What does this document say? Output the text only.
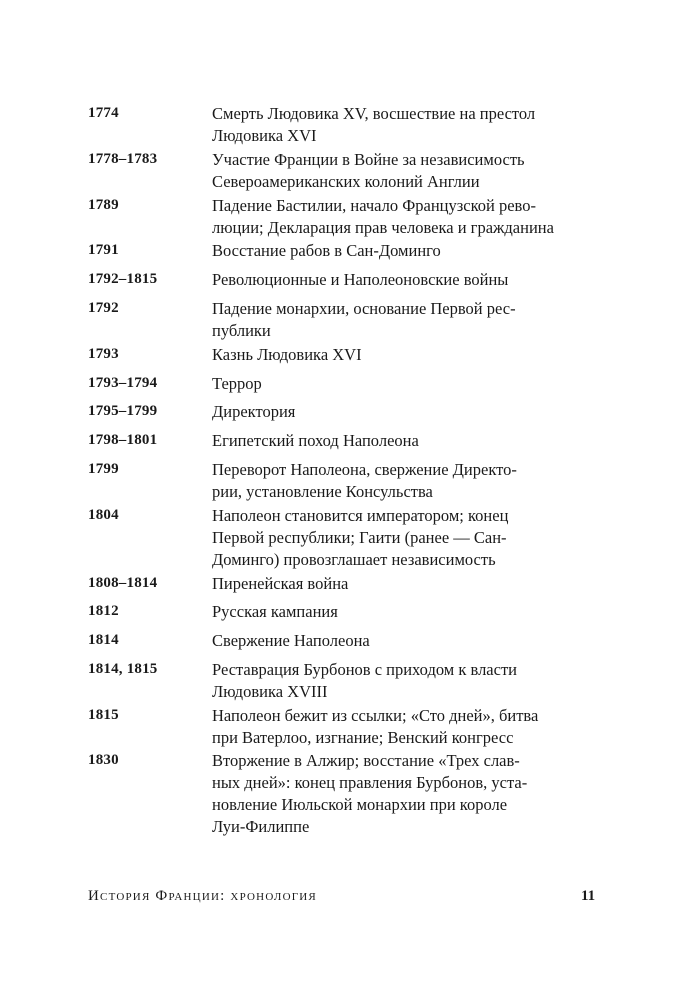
1774	Смерть Людовика XV, восшествие на престол
Людовика XVI
1778–1783	Участие Франции в Войне за независимость
Североамериканских колоний Англии
1789	Падение Бастилии, начало Французской рево-
люции; Декларация прав человека и гражданина
1791	Восстание рабов в Сан-Доминго
1792–1815	Революционные и Наполеоновские войны
1792	Падение монархии, основание Первой рес-
публики
1793	Казнь Людовика XVI
1793–1794	Террор
1795–1799	Директория
1798–1801	Египетский поход Наполеона
1799	Переворот Наполеона, свержение Директо-
рии, установление Консульства
1804	Наполеон становится императором; конец
Первой республики; Гаити (ранее — Сан-
Доминго) провозглашает независимость
1808–1814	Пиренейская война
1812	Русская кампания
1814	Свержение Наполеона
1814, 1815	Реставрация Бурбонов с приходом к власти
Людовика XVIII
1815	Наполеон бежит из ссылки; «Сто дней», битва
при Ватерлоо, изгнание; Венский конгресс
1830	Вторжение в Алжир; восстание «Трех слав-
ных дней»: конец правления Бурбонов, уста-
новление Июльской монархии при короле
Луи-Филиппе
История Франции: хронология	11
